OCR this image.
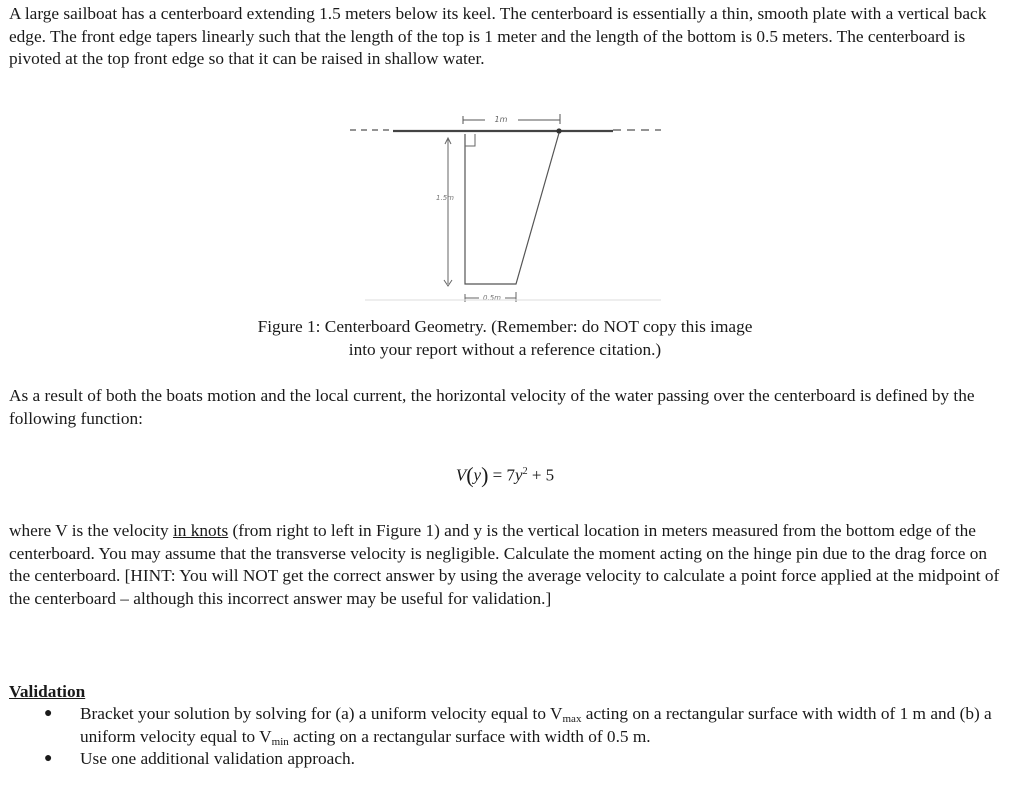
A large sailboat has a centerboard extending 1.5 meters below its keel. The centerboard is essentially a thin, smooth plate with a vertical back edge. The front edge tapers linearly such that the length of the top is 1 meter and the length of the bottom is 0.5 meters. The centerboard is pivoted at the top front edge so that it can be raised in shallow water.

1m
1.5m
0.5m
Figure 1: Centerboard Geometry. (Remember: do NOT copy this image
into your report without a reference citation.)

As a result of both the boats motion and the local current, the horizontal velocity of the water passing over the centerboard is defined by the following function:

$V(y) = 7y^2 + 5$

where V is the velocity in knots (from right to left in Figure 1) and y is the vertical location in meters measured from the bottom edge of the centerboard. You may assume that the transverse velocity is negligible. Calculate the moment acting on the hinge pin due to the drag force on the centerboard. [HINT: You will NOT get the correct answer by using the average velocity to calculate a point force applied at the midpoint of the centerboard – although this incorrect answer may be useful for validation.]

Validation

● Bracket your solution by solving for (a) a uniform velocity equal to $V_{max}$ acting on a rectangular surface with width of 1 m and (b) a uniform velocity equal to $V_{min}$ acting on a rectangular surface with width of 0.5 m.
● Use one additional validation approach.
